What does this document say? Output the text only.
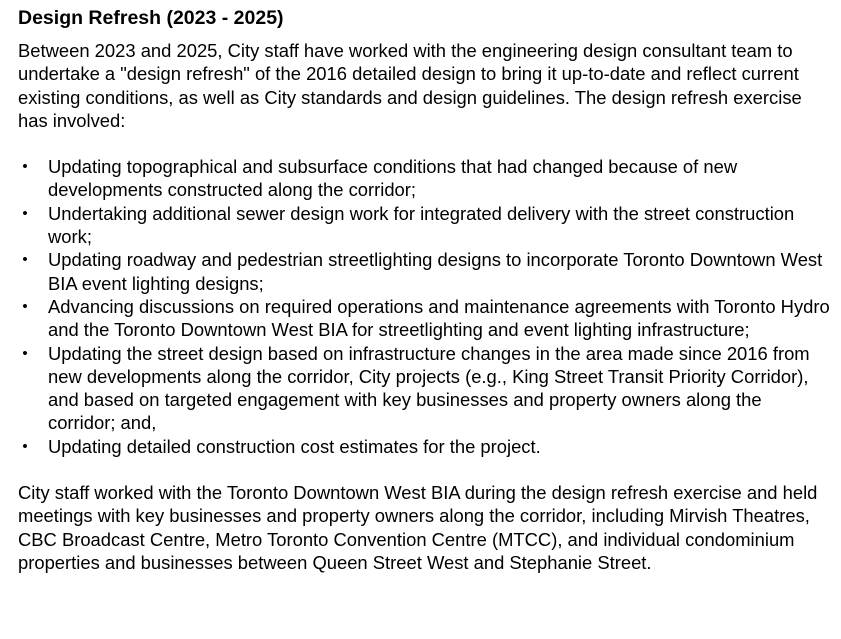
Design Refresh (2023 - 2025)

Between 2023 and 2025, City staff have worked with the engineering design consultant team to undertake a "design refresh" of the 2016 detailed design to bring it up-to-date and reflect current existing conditions, as well as City standards and design guidelines. The design refresh exercise has involved:

• Updating topographical and subsurface conditions that had changed because of new developments constructed along the corridor;
• Undertaking additional sewer design work for integrated delivery with the street construction work;
• Updating roadway and pedestrian streetlighting designs to incorporate Toronto Downtown West BIA event lighting designs;
• Advancing discussions on required operations and maintenance agreements with Toronto Hydro and the Toronto Downtown West BIA for streetlighting and event lighting infrastructure;
• Updating the street design based on infrastructure changes in the area made since 2016 from new developments along the corridor, City projects (e.g., King Street Transit Priority Corridor), and based on targeted engagement with key businesses and property owners along the corridor; and,
• Updating detailed construction cost estimates for the project.

City staff worked with the Toronto Downtown West BIA during the design refresh exercise and held meetings with key businesses and property owners along the corridor, including Mirvish Theatres, CBC Broadcast Centre, Metro Toronto Convention Centre (MTCC), and individual condominium properties and businesses between Queen Street West and Stephanie Street.
